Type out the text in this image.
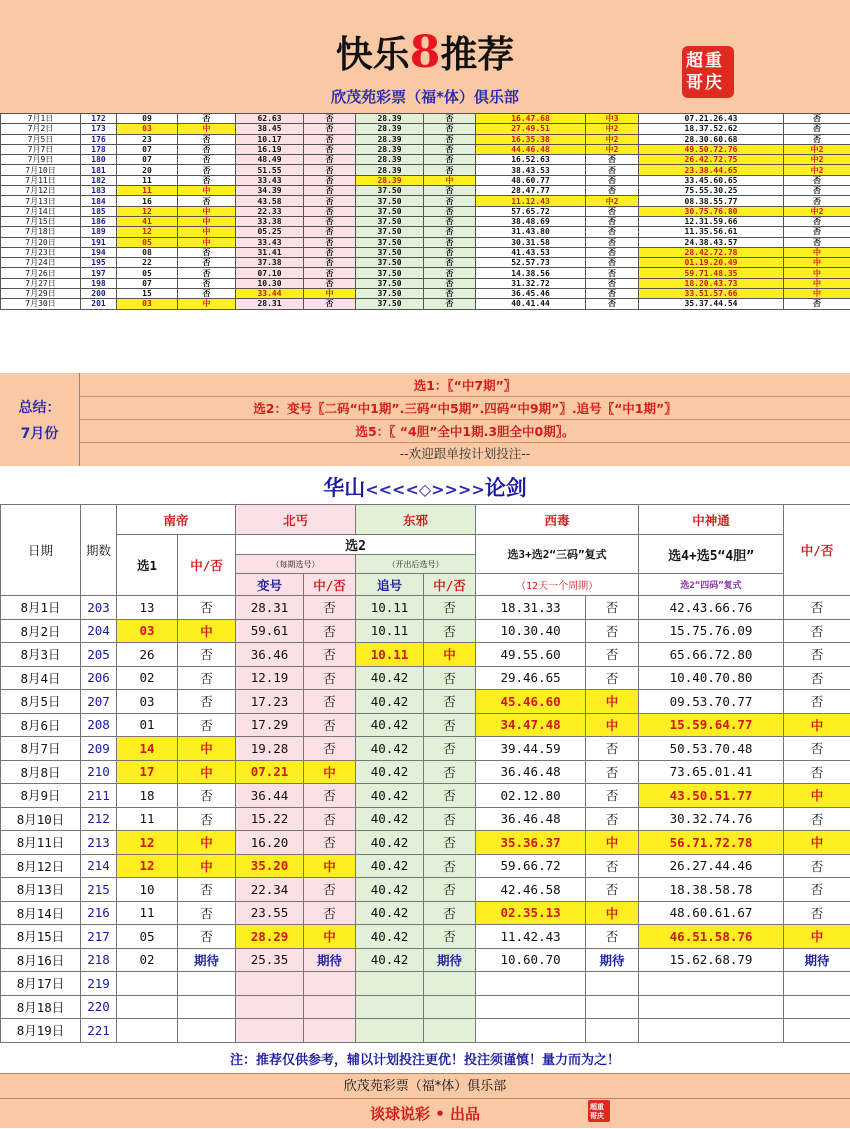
快乐8推荐
欣茂苑彩票（福*体）俱乐部
超重
哥庆
7月1日	172	09	否	62.63	否	28.39	否	16.47.68	中3	07.21.26.43	否
7月2日	173	03	中	38.45	否	28.39	否	27.49.51	中2	18.37.52.62	否
7月5日	176	23	否	10.17	否	28.39	否	16.35.38	中2	28.30.60.68	否
7月7日	178	07	否	16.19	否	28.39	否	44.46.48	中2	49.50.72.76	中2
7月9日	180	07	否	48.49	否	28.39	否	16.52.63	否	26.42.72.75	中2
7月10日	181	20	否	51.55	否	28.39	否	38.43.53	否	23.38.44.65	中2
7月11日	182	11	否	33.43	否	28.39	中	48.60.77	否	33.45.60.65	否
7月12日	183	11	中	34.39	否	37.50	否	28.47.77	否	75.55.30.25	否
7月13日	184	16	否	43.58	否	37.50	否	11.12.43	中2	08.38.55.77	否
7月14日	185	12	中	22.33	否	37.50	否	57.65.72	否	30.75.76.80	中2
7月15日	186	41	中	33.38	否	37.50	否	38.48.69	否	12.31.59.66	否
7月18日	189	12	中	05.25	否	37.50	否	31.43.80	否	11.35.56.61	否
7月20日	191	05	中	33.43	否	37.50	否	30.31.58	否	24.38.43.57	否
7月23日	194	08	否	31.41	否	37.50	否	41.43.53	否	28.42.72.78	中
7月24日	195	22	否	37.38	否	37.50	否	52.57.73	否	01.19.20.49	中
7月26日	197	05	否	07.10	否	37.50	否	14.38.56	否	59.71.48.35	中
7月27日	198	07	否	10.30	否	37.50	否	31.32.72	否	18.20.43.73	中
7月29日	200	15	否	33.44	中	37.50	否	36.45.46	否	33.51.57.66	中
7月30日	201	03	中	28.31	否	37.50	否	40.41.44	否	35.37.44.54	否
总结：
7月份
选1：〖“中7期”〗
选2：变号〖二码“中1期”.三码“中5期”.四码“中9期”〗.追号〖“中1期”〗
选5：〖 “4胆”全中1期.3胆全中0期〗。
--欢迎跟单按计划投注--
华山<<<<◇>>>>论剑
日期	期数	南帝		北丐		东邪		西毒		中神通	中/否
		选1	中/否	选2				选3+选2“三码”复式		选4+选5“4胆”	
				（每期选号）		（开出后选号）					
				变号	中/否	追号	中/否	（12天一个周期）		选2“四码”复式	
8月1日	203	13	否	28.31	否	10.11	否	18.31.33	否	42.43.66.76	否
8月2日	204	03	中	59.61	否	10.11	否	10.30.40	否	15.75.76.09	否
8月3日	205	26	否	36.46	否	10.11	中	49.55.60	否	65.66.72.80	否
8月4日	206	02	否	12.19	否	40.42	否	29.46.65	否	10.40.70.80	否
8月5日	207	03	否	17.23	否	40.42	否	45.46.60	中	09.53.70.77	否
8月6日	208	01	否	17.29	否	40.42	否	34.47.48	中	15.59.64.77	中
8月7日	209	14	中	19.28	否	40.42	否	39.44.59	否	50.53.70.48	否
8月8日	210	17	中	07.21	中	40.42	否	36.46.48	否	73.65.01.41	否
8月9日	211	18	否	36.44	否	40.42	否	02.12.80	否	43.50.51.77	中
8月10日	212	11	否	15.22	否	40.42	否	36.46.48	否	30.32.74.76	否
8月11日	213	12	中	16.20	否	40.42	否	35.36.37	中	56.71.72.78	中
8月12日	214	12	中	35.20	中	40.42	否	59.66.72	否	26.27.44.46	否
8月13日	215	10	否	22.34	否	40.42	否	42.46.58	否	18.38.58.78	否
8月14日	216	11	否	23.55	否	40.42	否	02.35.13	中	48.60.61.67	否
8月15日	217	05	否	28.29	中	40.42	否	11.42.43	否	46.51.58.76	中
8月16日	218	02	期待	25.35	期待	40.42	期待	10.60.70	期待	15.62.68.79	期待
8月17日	219										
8月18日	220										
8月19日	221										
注：推荐仅供参考，辅以计划投注更优！投注须谨慎！量力而为之！
欣茂苑彩票（福*体）俱乐部
谈球说彩 • 出品	超重
哥庆
